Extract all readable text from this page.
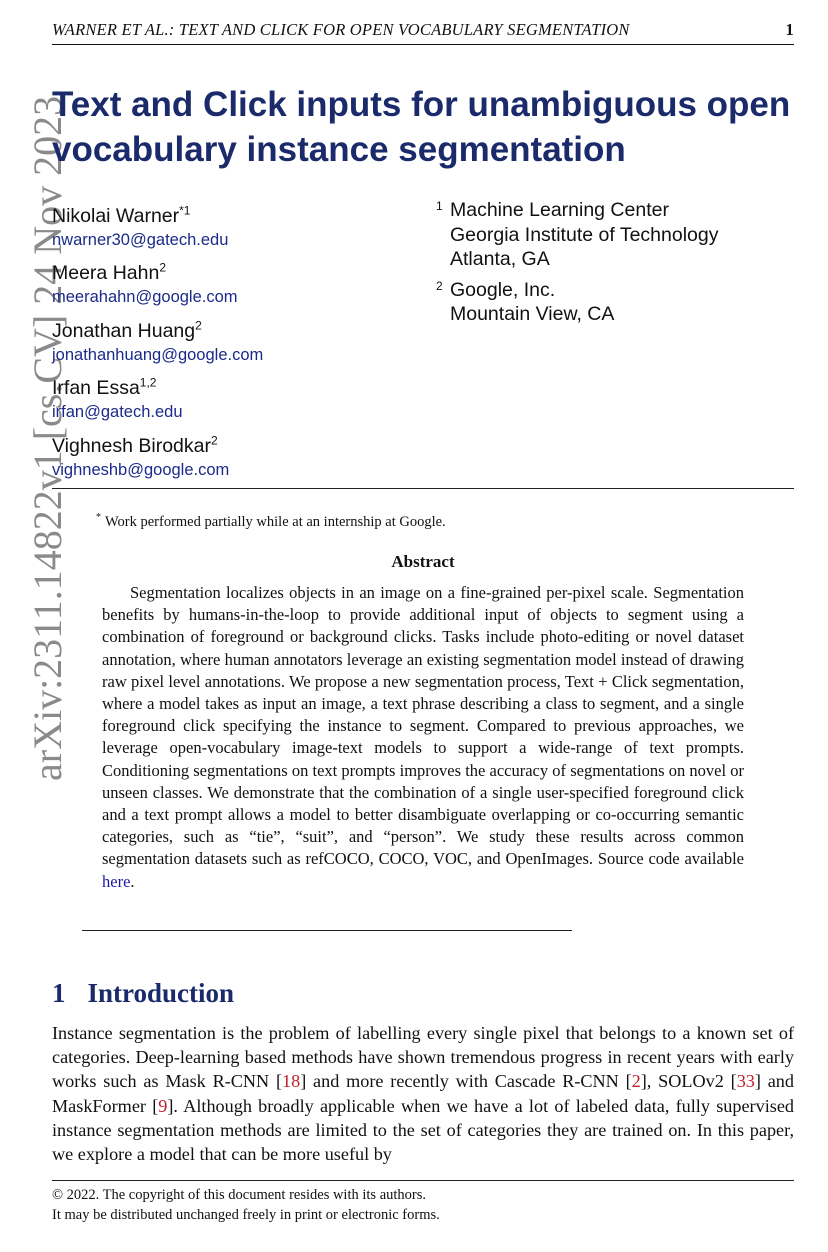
WARNER ET AL.: TEXT AND CLICK FOR OPEN VOCABULARY SEGMENTATION	1
arXiv:2311.14822v1 [cs.CV] 24 Nov 2023
Text and Click inputs for unambiguous open vocabulary instance segmentation
Nikolai Warner$^{*1}$
nwarner30@gatech.edu
Meera Hahn$^2$
meerahahn@google.com
Jonathan Huang$^2$
jonathanhuang@google.com
Irfan Essa$^{1,2}$
irfan@gatech.edu
Vighnesh Birodkar$^2$
vighneshb@google.com
1 Machine Learning Center
Georgia Institute of Technology
Atlanta, GA
2 Google, Inc.
Mountain View, CA
* Work performed partially while at an internship at Google.
Abstract
Segmentation localizes objects in an image on a fine-grained per-pixel scale. Segmentation benefits by humans-in-the-loop to provide additional input of objects to segment using a combination of foreground or background clicks. Tasks include photo-editing or novel dataset annotation, where human annotators leverage an existing segmentation model instead of drawing raw pixel level annotations. We propose a new segmentation process, Text + Click segmentation, where a model takes as input an image, a text phrase describing a class to segment, and a single foreground click specifying the instance to segment. Compared to previous approaches, we leverage open-vocabulary image-text models to support a wide-range of text prompts. Conditioning segmentations on text prompts improves the accuracy of segmentations on novel or unseen classes. We demonstrate that the combination of a single user-specified foreground click and a text prompt allows a model to better disambiguate overlapping or co-occurring semantic categories, such as “tie”, “suit”, and “person”. We study these results across common segmentation datasets such as refCOCO, COCO, VOC, and OpenImages. Source code available here.
1 Introduction
Instance segmentation is the problem of labelling every single pixel that belongs to a known set of categories. Deep-learning based methods have shown tremendous progress in recent years with early works such as Mask R-CNN [18] and more recently with Cascade R-CNN [2], SOLOv2 [33] and MaskFormer [9]. Although broadly applicable when we have a lot of labeled data, fully supervised instance segmentation methods are limited to the set of categories they are trained on. In this paper, we explore a model that can be more useful by
© 2022. The copyright of this document resides with its authors.
It may be distributed unchanged freely in print or electronic forms.
